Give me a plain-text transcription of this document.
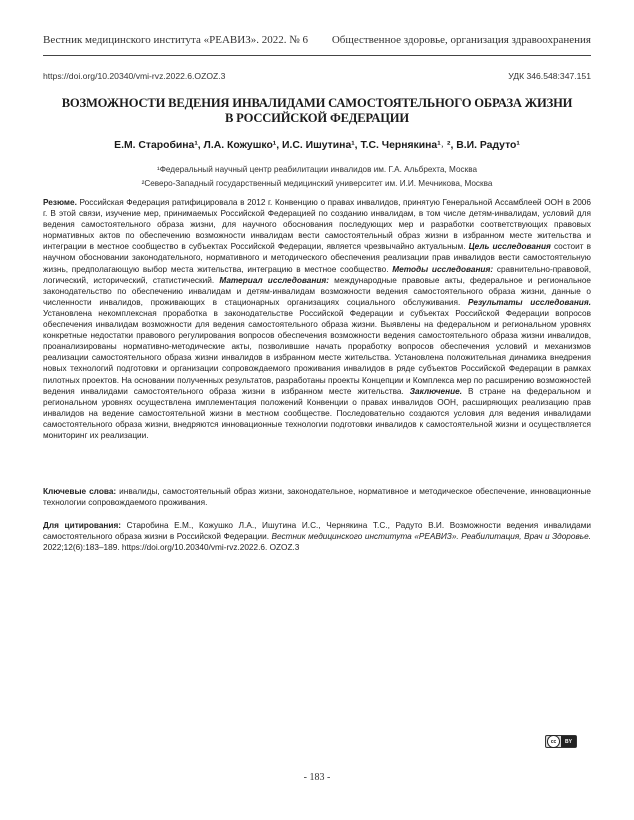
Вестник медицинского института «РЕАВИЗ». 2022. № 6 Общественное здоровье, организация здравоохранения
https://doi.org/10.20340/vmi-rvz.2022.6.OZOZ.3	УДК 346.548:347.151
ВОЗМОЖНОСТИ ВЕДЕНИЯ ИНВАЛИДАМИ САМОСТОЯТЕЛЬНОГО ОБРАЗА ЖИЗНИ
В РОССИЙСКОЙ ФЕДЕРАЦИИ
Е.М. Старобина¹, Л.А. Кожушко¹, И.С. Ишутина¹, Т.С. Чернякина¹˒ ², В.И. Радуто¹
¹Федеральный научный центр реабилитации инвалидов им. Г.А. Альбрехта, Москва
²Северо-Западный государственный медицинский университет им. И.И. Мечникова, Москва
Резюме. Российская Федерация ратифицировала в 2012 г. Конвенцию о правах инвалидов, принятую Генеральной Ассамблеей ООН в 2006 г. В этой связи, изучение мер, принимаемых Российской Федерацией по созданию инвалидам, в том числе детям-инвалидам, условий для ведения самостоятельного образа жизни, для научного обоснования последующих мер и разработки соответствующих правовых нормативных актов по обеспечению возможности инвалидам вести самостоятельный образ жизни в избранном месте жительства и интеграции в местное сообщество в субъектах Российской Федерации, является чрезвычайно актуальным. Цель исследования состоит в научном обосновании законодательного, нормативного и методического обеспечения реализации прав инвалидов вести самостоятельную жизнь, предполагающую выбор места жительства, интеграцию в местное сообщество. Методы исследования: сравнительно-правовой, логический, исторический, статистический. Материал исследования: международные правовые акты, федеральное и региональное законодательство по обеспечению инвалидам и детям-инвалидам возможности ведения самостоятельного образа жизни, данные о численности инвалидов, проживающих в стационарных организациях социального обслуживания. Результаты исследования. Установлена некомплексная проработка в законодательстве Российской Федерации и субъектах Российской Федерации вопросов обеспечения инвалидам возможности для ведения самостоятельного образа жизни. Выявлены на федеральном и региональном уровнях конкретные недостатки правового регулирования вопросов обеспечения возможности ведения самостоятельного образа жизни инвалидов, проанализированы нормативно-методические акты, позволившие начать проработку вопросов обеспечения условий и механизмов реализации самостоятельного образа жизни инвалидов в избранном месте жительства. Установлена положительная динамика внедрения новых технологий подготовки и организации сопровождаемого проживания инвалидов в ряде субъектов Российской Федерации в рамках пилотных проектов. На основании полученных результатов, разработаны проекты Концепции и Комплекса мер по расширению возможностей ведения инвалидами самостоятельного образа жизни в избранном месте жительства. Заключение. В стране на федеральном и региональном уровнях осуществлена имплементация положений Конвенции о правах инвалидов ООН, расширяющих реализацию прав инвалидов на ведение самостоятельной жизни в местном сообществе. Последовательно создаются условия для ведения инвалидами самостоятельного образа жизни, внедряются инновационные технологии подготовки инвалидов к самостоятельной жизни и осуществляется мониторинг их реализации.
Ключевые слова: инвалиды, самостоятельный образ жизни, законодательное, нормативное и методическое обеспечение, инновационные технологии сопровождаемого проживания.
Для цитирования: Старобина Е.М., Кожушко Л.А., Ишутина И.С., Чернякина Т.С., Радуто В.И. Возможности ведения инвалидами самостоятельного образа жизни в Российской Федерации. Вестник медицинского института «РЕАВИЗ». Реабилитация, Врач и Здоровье. 2022;12(6):183–189. https://doi.org/10.20340/vmi-rvz.2022.6. OZOZ.3
cc	BY
- 183 -
